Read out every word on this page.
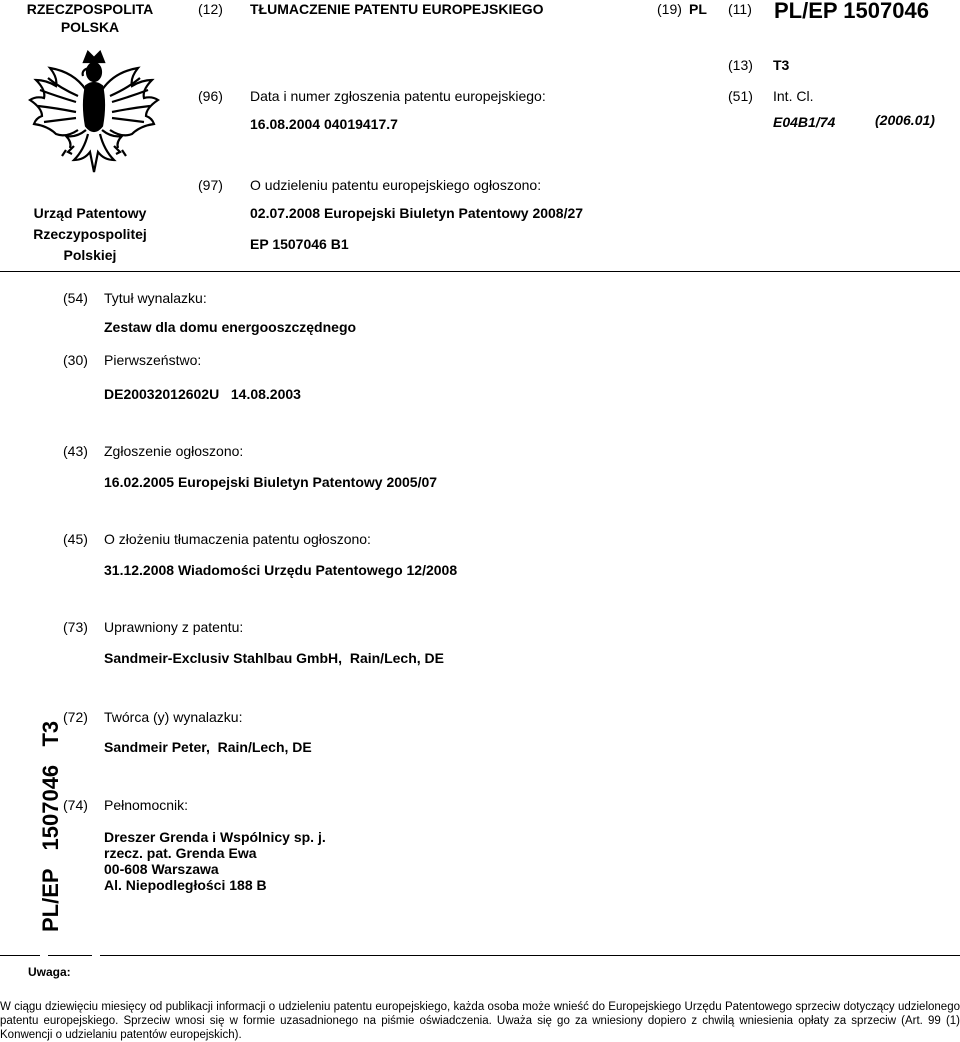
RZECZPOSPOLITA
POLSKA
(12) TŁUMACZENIE PATENTU EUROPEJSKIEGO	(19) PL (11) PL/EP 1507046
(13) T3
Urząd Patentowy
Rzeczypospolitej
Polskiej
(96) Data i numer zgłoszenia patentu europejskiego:
16.08.2004 04019417.7
(51) Int. Cl.
E04B1/74	(2006.01)
(97) O udzieleniu patentu europejskiego ogłoszono:
02.07.2008 Europejski Biuletyn Patentowy 2008/27
EP 1507046 B1
(54) Tytuł wynalazku:
Zestaw dla domu energooszczędnego
(30) Pierwszeństwo:
DE20032012602U   14.08.2003
(43) Zgłoszenie ogłoszono:
16.02.2005 Europejski Biuletyn Patentowy 2005/07
(45) O złożeniu tłumaczenia patentu ogłoszono:
31.12.2008 Wiadomości Urzędu Patentowego 12/2008
(73) Uprawniony z patentu:
Sandmeir-Exclusiv Stahlbau GmbH,  Rain/Lech, DE
(72) Twórca (y) wynalazku:
Sandmeir Peter,  Rain/Lech, DE
(74) Pełnomocnik:
Dreszer Grenda i Wspólnicy sp. j.
rzecz. pat. Grenda Ewa
00-608 Warszawa
Al. Niepodległości 188 B
PL/EP   1507046   T3
Uwaga:
W ciągu dziewięciu miesięcy od publikacji informacji o udzieleniu patentu europejskiego, każda osoba może wnieść do Europejskiego Urzędu Patentowego sprzeciw dotyczący udzielonego patentu europejskiego. Sprzeciw wnosi się w formie uzasadnionego na piśmie oświadczenia. Uważa się go za wniesiony dopiero z chwilą wniesienia opłaty za sprzeciw (Art. 99 (1) Konwencji o udzielaniu patentów europejskich).
